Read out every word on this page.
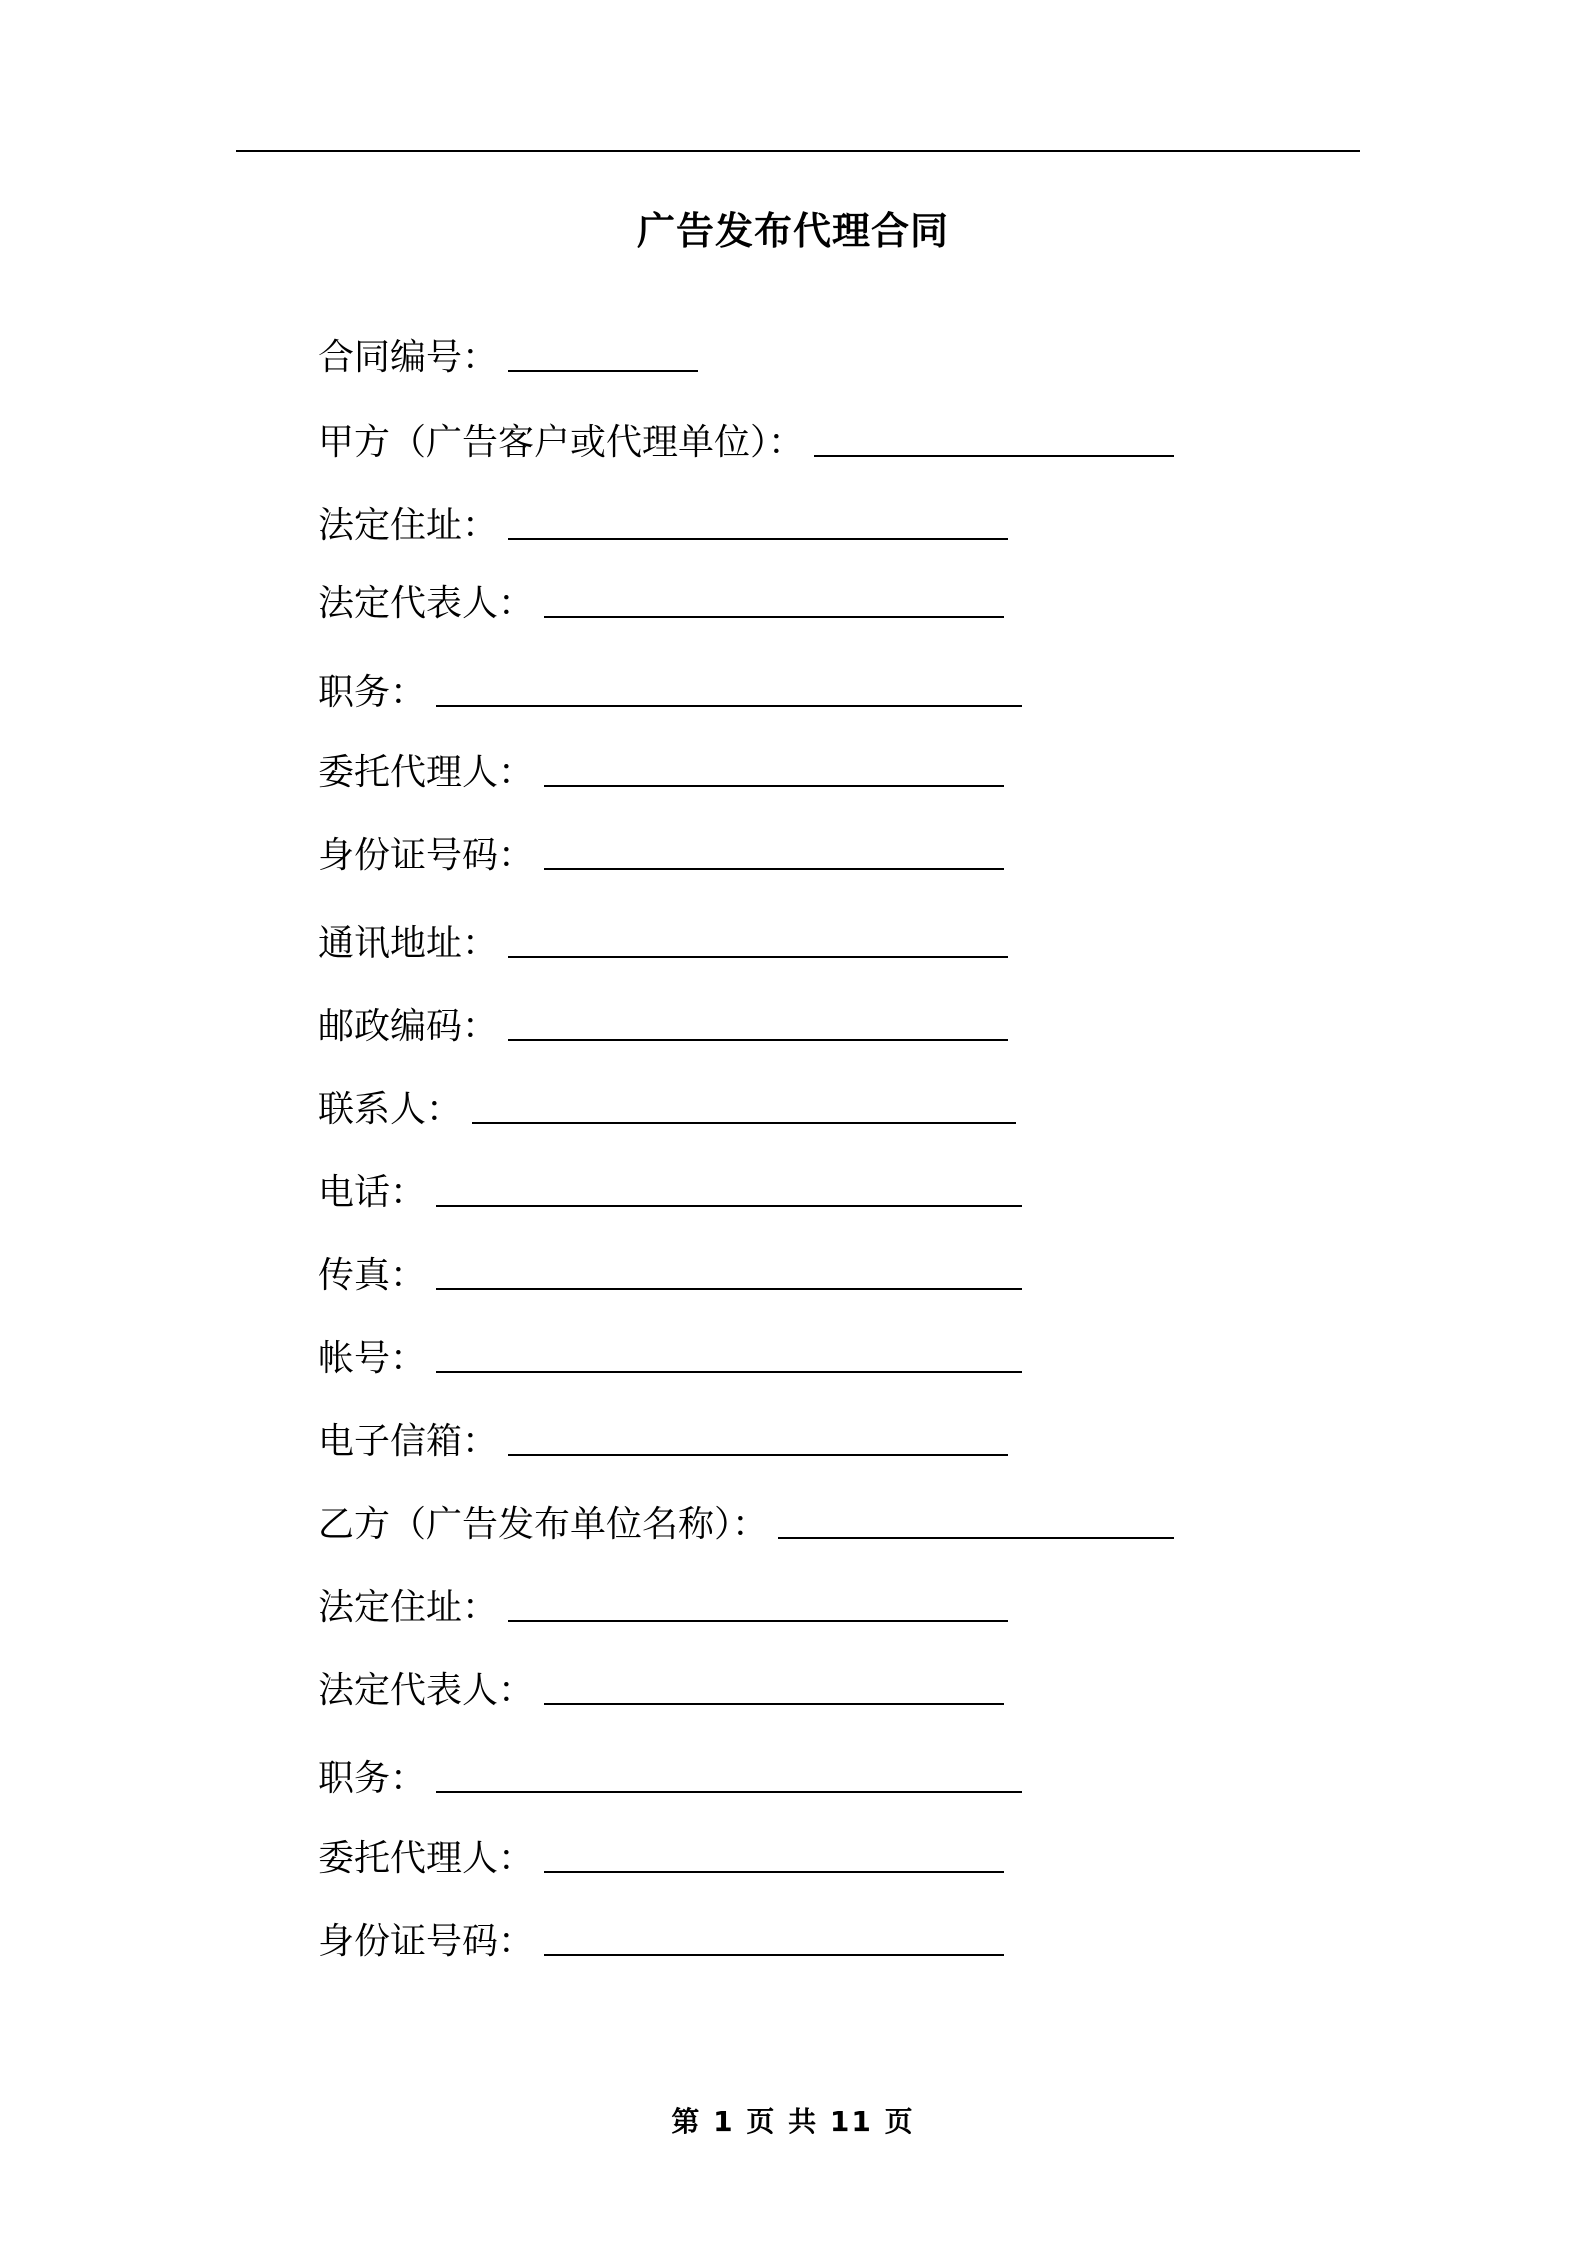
广告发布代理合同
合同编号：
甲方（广告客户或代理单位）：
法定住址：
法定代表人：
职务：
委托代理人：
身份证号码：
通讯地址：
邮政编码：
联系人：
电话：
传真：
帐号：
电子信箱：
乙方（广告发布单位名称）：
法定住址：
法定代表人：
职务：
委托代理人：
身份证号码：
第 1 页 共 11 页
